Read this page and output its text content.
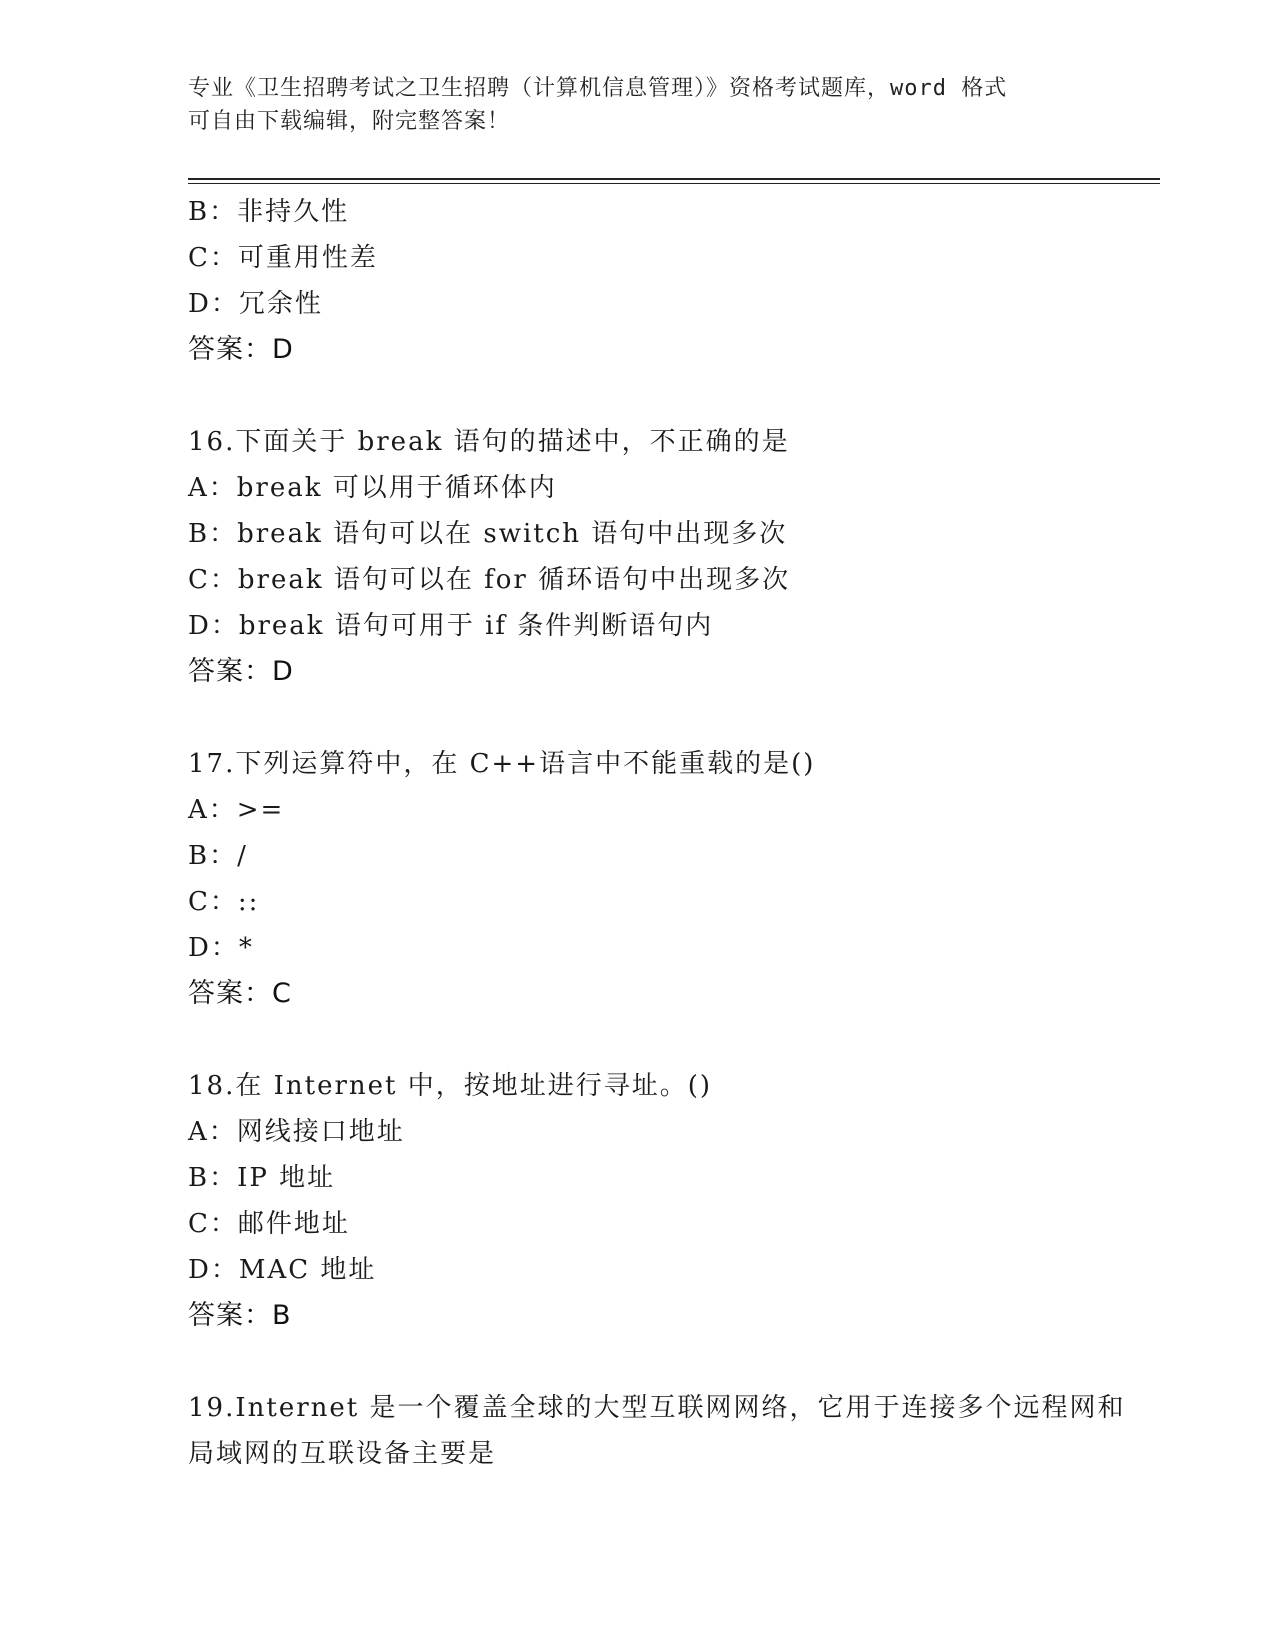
专业《卫生招聘考试之卫生招聘（计算机信息管理）》资格考试题库，word 格式
可自由下载编辑，附完整答案！
B：非持久性
C：可重用性差
D：冗余性
答案：D
16.下面关于 break 语句的描述中，不正确的是
A：break 可以用于循环体内
B：break 语句可以在 switch 语句中出现多次
C：break 语句可以在 for 循环语句中出现多次
D：break 语句可用于 if 条件判断语句内
答案：D
17.下列运算符中，在 C++语言中不能重载的是()
A：>=
B：/
C：::
D：*
答案：C
18.在 Internet 中，按地址进行寻址。()
A：网线接口地址
B：IP 地址
C：邮件地址
D：MAC 地址
答案：B
19.Internet 是一个覆盖全球的大型互联网网络，它用于连接多个远程网和局域网的互联设备主要是
